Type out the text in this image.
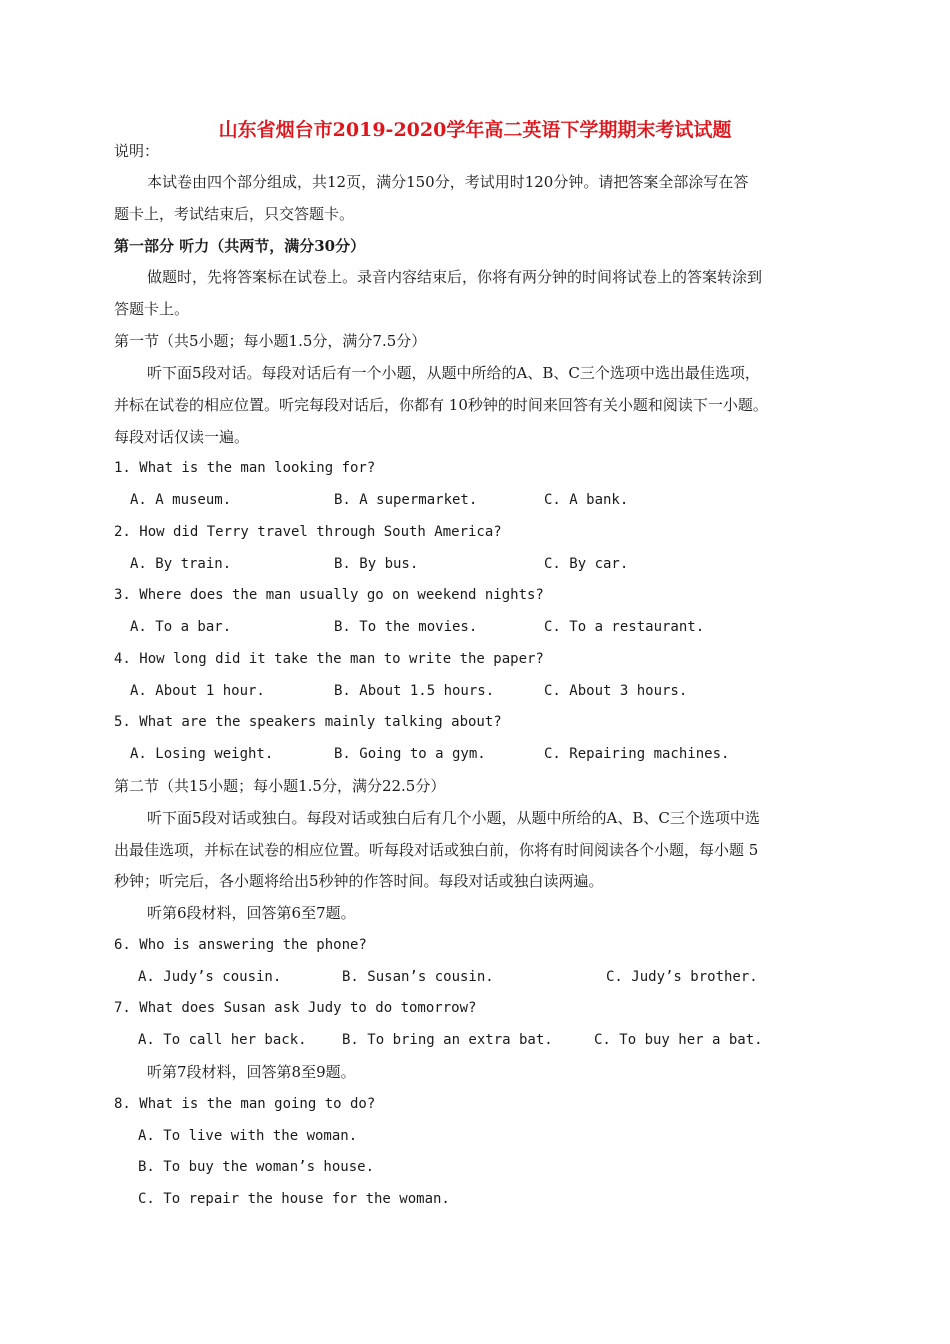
山东省烟台市2019-2020学年高二英语下学期期末考试试题
说明：
本试卷由四个部分组成，共12页，满分150分，考试用时120分钟。请把答案全部涂写在答
题卡上，考试结束后，只交答题卡。
第一部分 听力（共两节，满分30分）
做题时，先将答案标在试卷上。录音内容结束后，你将有两分钟的时间将试卷上的答案转涂到
答题卡上。
第一节（共5小题；每小题1.5分，满分7.5分）
听下面5段对话。每段对话后有一个小题，从题中所给的A、B、C三个选项中选出最佳选项，
并标在试卷的相应位置。听完每段对话后，你都有 10秒钟的时间来回答有关小题和阅读下一小题。
每段对话仅读一遍。
1. What is the man looking for?
A. A museum.	B. A supermarket.	C. A bank.
2. How did Terry travel through South America?
A. By train.	B. By bus.	C. By car.
3. Where does the man usually go on weekend nights?
A. To a bar.	B. To the movies.	C. To a restaurant.
4. How long did it take the man to write the paper?
A. About 1 hour.	B. About 1.5 hours.	C. About 3 hours.
5. What are the speakers mainly talking about?
A. Losing weight.	B. Going to a gym.	C. Repairing machines.
第二节（共15小题；每小题1.5分，满分22.5分）
听下面5段对话或独白。每段对话或独白后有几个小题，从题中所给的A、B、C三个选项中选
出最佳选项，并标在试卷的相应位置。听每段对话或独白前，你将有时间阅读各个小题，每小题 5
秒钟；听完后，各小题将给出5秒钟的作答时间。每段对话或独白读两遍。
听第6段材料，回答第6至7题。
6. Who is answering the phone?
A. Judy’s cousin.	B. Susan’s cousin.	C. Judy’s brother.
7. What does Susan ask Judy to do tomorrow?
A. To call her back.	B. To bring an extra bat.	C. To buy her a bat.
听第7段材料，回答第8至9题。
8. What is the man going to do?
A. To live with the woman.
B. To buy the woman’s house.
C. To repair the house for the woman.
